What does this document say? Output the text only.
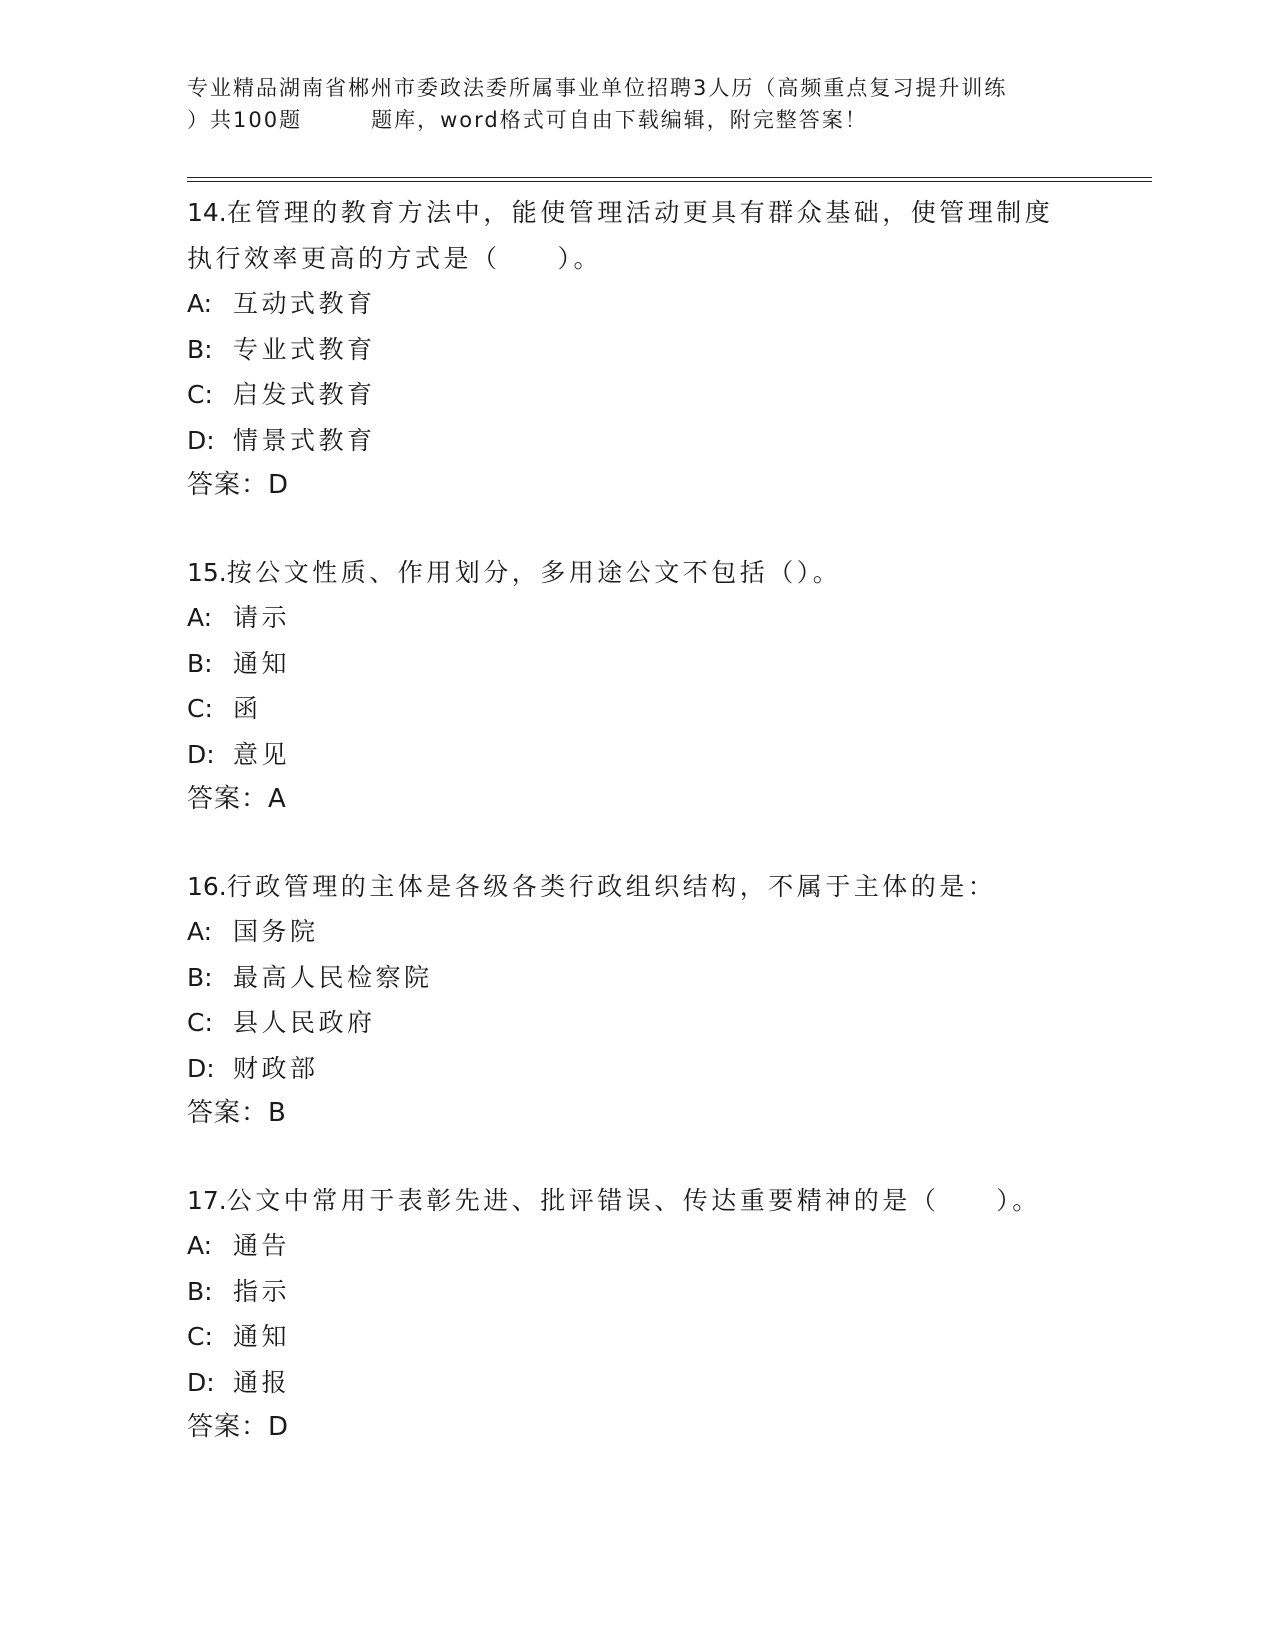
专业精品湖南省郴州市委政法委所属事业单位招聘3人历（高频重点复习提升训练
）共100题　　　题库，word格式可自由下载编辑，附完整答案！
14.在管理的教育方法中，能使管理活动更具有群众基础，使管理制度
执行效率更高的方式是（　　）。
A: 互动式教育
B: 专业式教育
C: 启发式教育
D: 情景式教育
答案：D
15.按公文性质、作用划分，多用途公文不包括（）。
A: 请示
B: 通知
C: 函
D: 意见
答案：A
16.行政管理的主体是各级各类行政组织结构，不属于主体的是：
A: 国务院
B: 最高人民检察院
C: 县人民政府
D: 财政部
答案：B
17.公文中常用于表彰先进、批评错误、传达重要精神的是（　　）。
A: 通告
B: 指示
C: 通知
D: 通报
答案：D
